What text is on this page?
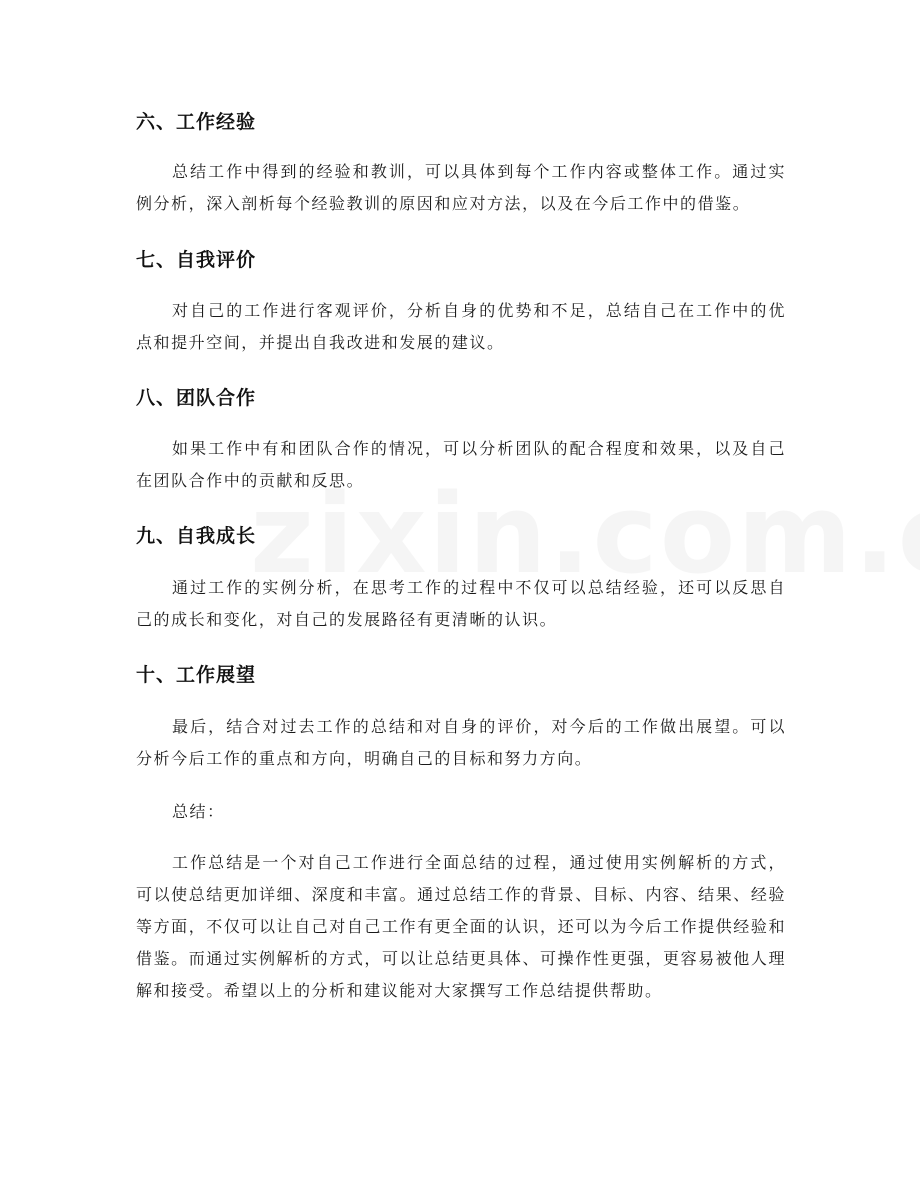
六、工作经验

总结工作中得到的经验和教训，可以具体到每个工作内容或整体工作。通过实例分析，深入剖析每个经验教训的原因和应对方法，以及在今后工作中的借鉴。

七、自我评价

对自己的工作进行客观评价，分析自身的优势和不足，总结自己在工作中的优点和提升空间，并提出自我改进和发展的建议。

八、团队合作

如果工作中有和团队合作的情况，可以分析团队的配合程度和效果，以及自己在团队合作中的贡献和反思。

九、自我成长

通过工作的实例分析，在思考工作的过程中不仅可以总结经验，还可以反思自己的成长和变化，对自己的发展路径有更清晰的认识。

十、工作展望

最后，结合对过去工作的总结和对自身的评价，对今后的工作做出展望。可以分析今后工作的重点和方向，明确自己的目标和努力方向。

总结：

工作总结是一个对自己工作进行全面总结的过程，通过使用实例解析的方式，可以使总结更加详细、深度和丰富。通过总结工作的背景、目标、内容、结果、经验等方面，不仅可以让自己对自己工作有更全面的认识，还可以为今后工作提供经验和借鉴。而通过实例解析的方式，可以让总结更具体、可操作性更强，更容易被他人理解和接受。希望以上的分析和建议能对大家撰写工作总结提供帮助。
